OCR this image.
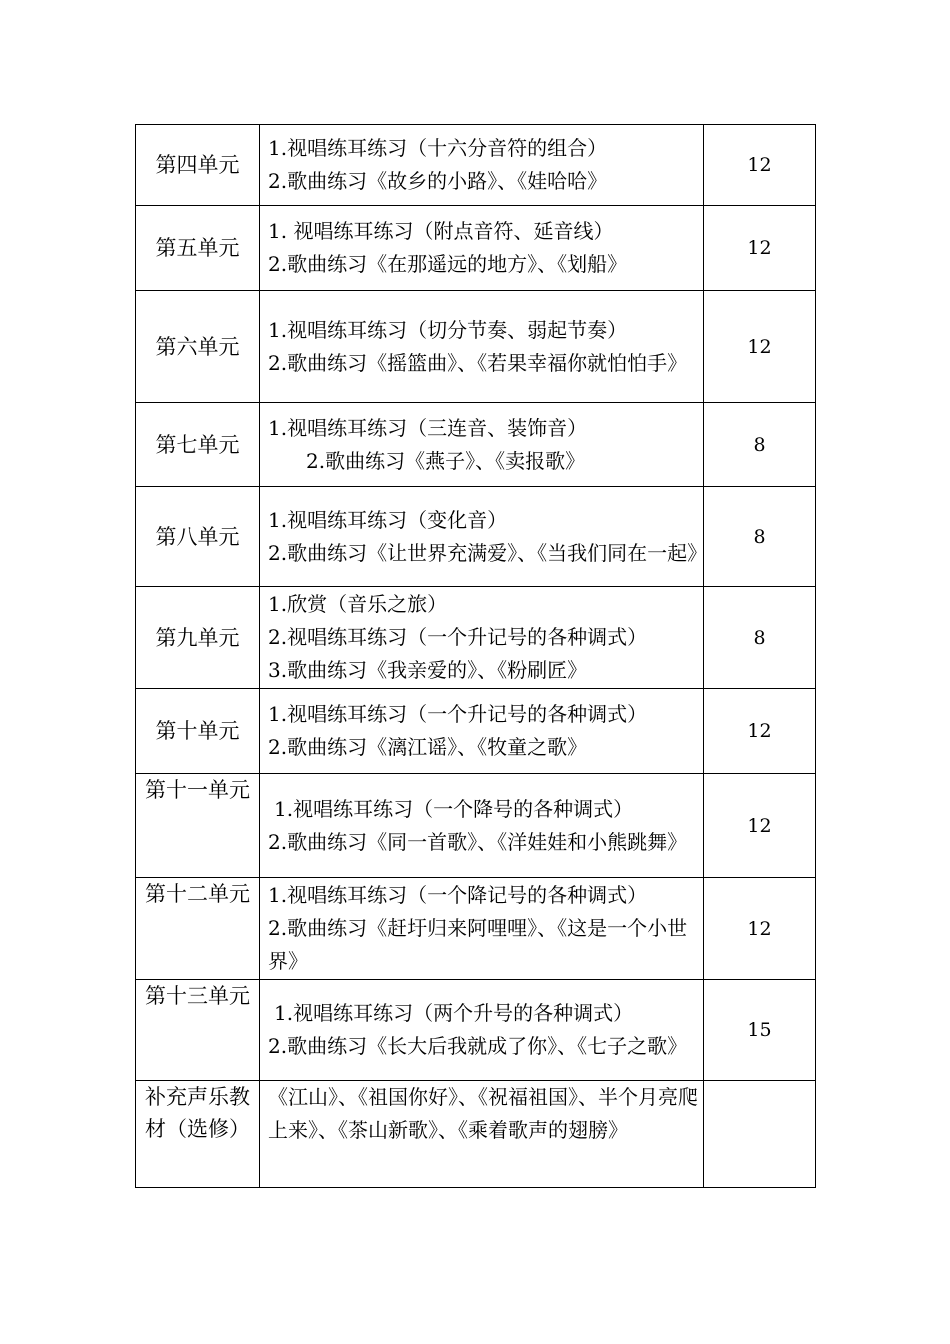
第四单元	1.视唱练耳练习（十六分音符的组合）
2.歌曲练习《故乡的小路》、《娃哈哈》	12
第五单元	1. 视唱练耳练习（附点音符、延音线）
2.歌曲练习《在那遥远的地方》、《划船》	12
第六单元	1.视唱练耳练习（切分节奏、弱起节奏）
2.歌曲练习《摇篮曲》、《若果幸福你就怕怕手》	12
第七单元	1.视唱练耳练习（三连音、装饰音）
2.歌曲练习《燕子》、《卖报歌》	8
第八单元	1.视唱练耳练习（变化音）
2.歌曲练习《让世界充满爱》、《当我们同在一起》	8
第九单元	1.欣赏（音乐之旅）
2.视唱练耳练习（一个升记号的各种调式）
3.歌曲练习《我亲爱的》、《粉刷匠》	8
第十单元	1.视唱练耳练习（一个升记号的各种调式）
2.歌曲练习《漓江谣》、《牧童之歌》	12
第十一单元	1.视唱练耳练习（一个降号的各种调式）
2.歌曲练习《同一首歌》、《洋娃娃和小熊跳舞》	12
第十二单元	1.视唱练耳练习（一个降记号的各种调式）
2.歌曲练习《赶圩归来阿哩哩》、《这是一个小世界》	12
第十三单元	1.视唱练耳练习（两个升号的各种调式）
2.歌曲练习《长大后我就成了你》、《七子之歌》	15
补充声乐教材（选修）	《江山》、《祖国你好》、《祝福祖国》、半个月亮爬上来》、《茶山新歌》、《乘着歌声的翅膀》	
